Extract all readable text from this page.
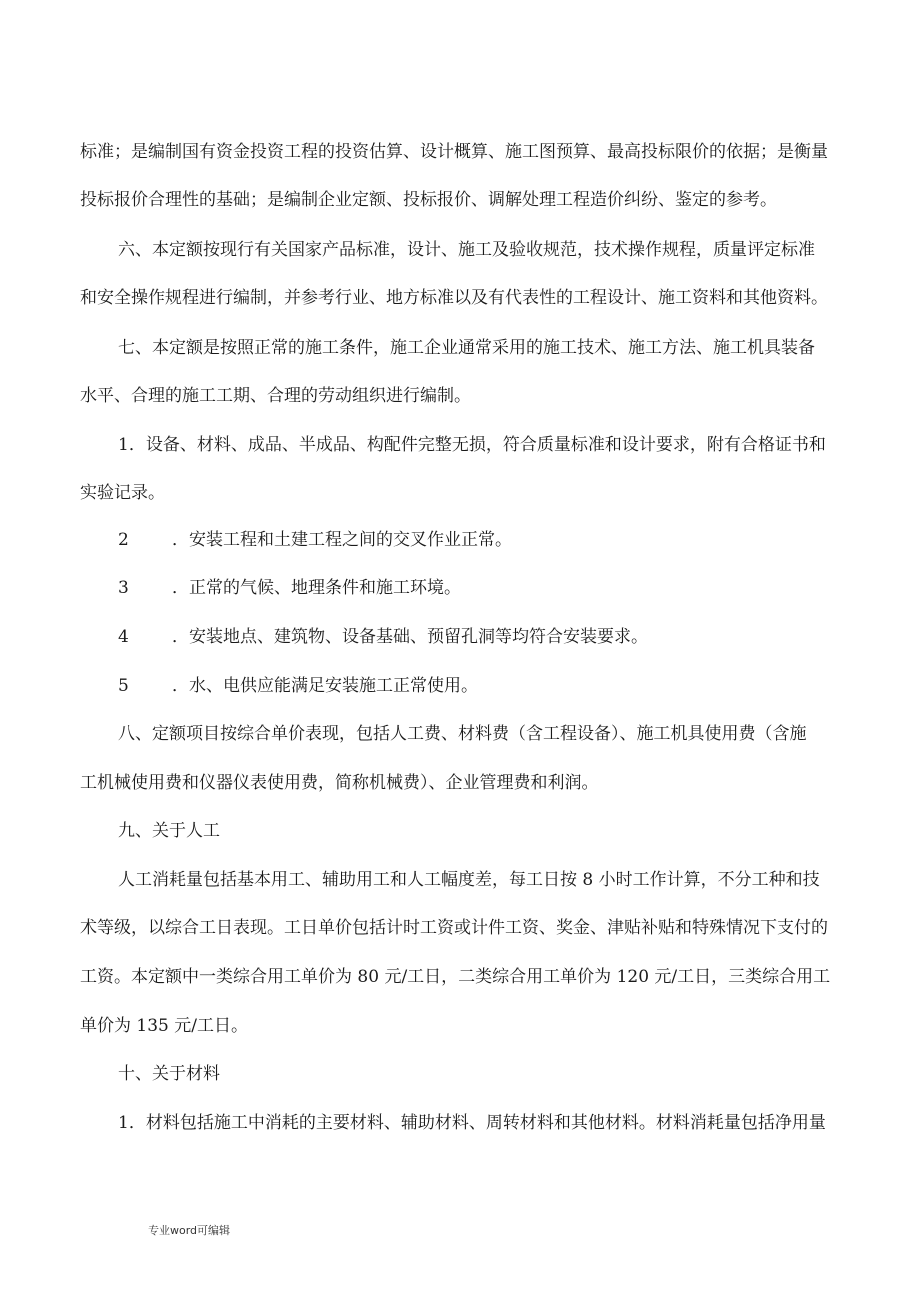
标准；是编制国有资金投资工程的投资估算、设计概算、施工图预算、最高投标限价的依据；是衡量
投标报价合理性的基础；是编制企业定额、投标报价、调解处理工程造价纠纷、鉴定的参考。
六、本定额按现行有关国家产品标准，设计、施工及验收规范，技术操作规程，质量评定标准
和安全操作规程进行编制，并参考行业、地方标准以及有代表性的工程设计、施工资料和其他资料。
七、本定额是按照正常的施工条件，施工企业通常采用的施工技术、施工方法、施工机具装备
水平、合理的施工工期、合理的劳动组织进行编制。
1．设备、材料、成品、半成品、构配件完整无损，符合质量标准和设计要求，附有合格证书和
实验记录。
2	．安装工程和土建工程之间的交叉作业正常。
3	．正常的气候、地理条件和施工环境。
4	．安装地点、建筑物、设备基础、预留孔洞等均符合安装要求。
5	．水、电供应能满足安装施工正常使用。
八、定额项目按综合单价表现，包括人工费、材料费（含工程设备）、施工机具使用费（含施
工机械使用费和仪器仪表使用费，简称机械费）、企业管理费和利润。
九、关于人工
人工消耗量包括基本用工、辅助用工和人工幅度差，每工日按 8 小时工作计算，不分工种和技
术等级，以综合工日表现。工日单价包括计时工资或计件工资、奖金、津贴补贴和特殊情况下支付的
工资。本定额中一类综合用工单价为 80 元/工日，二类综合用工单价为 120 元/工日，三类综合用工
单价为 135 元/工日。
十、关于材料
1．材料包括施工中消耗的主要材料、辅助材料、周转材料和其他材料。材料消耗量包括净用量
专业word可编辑
